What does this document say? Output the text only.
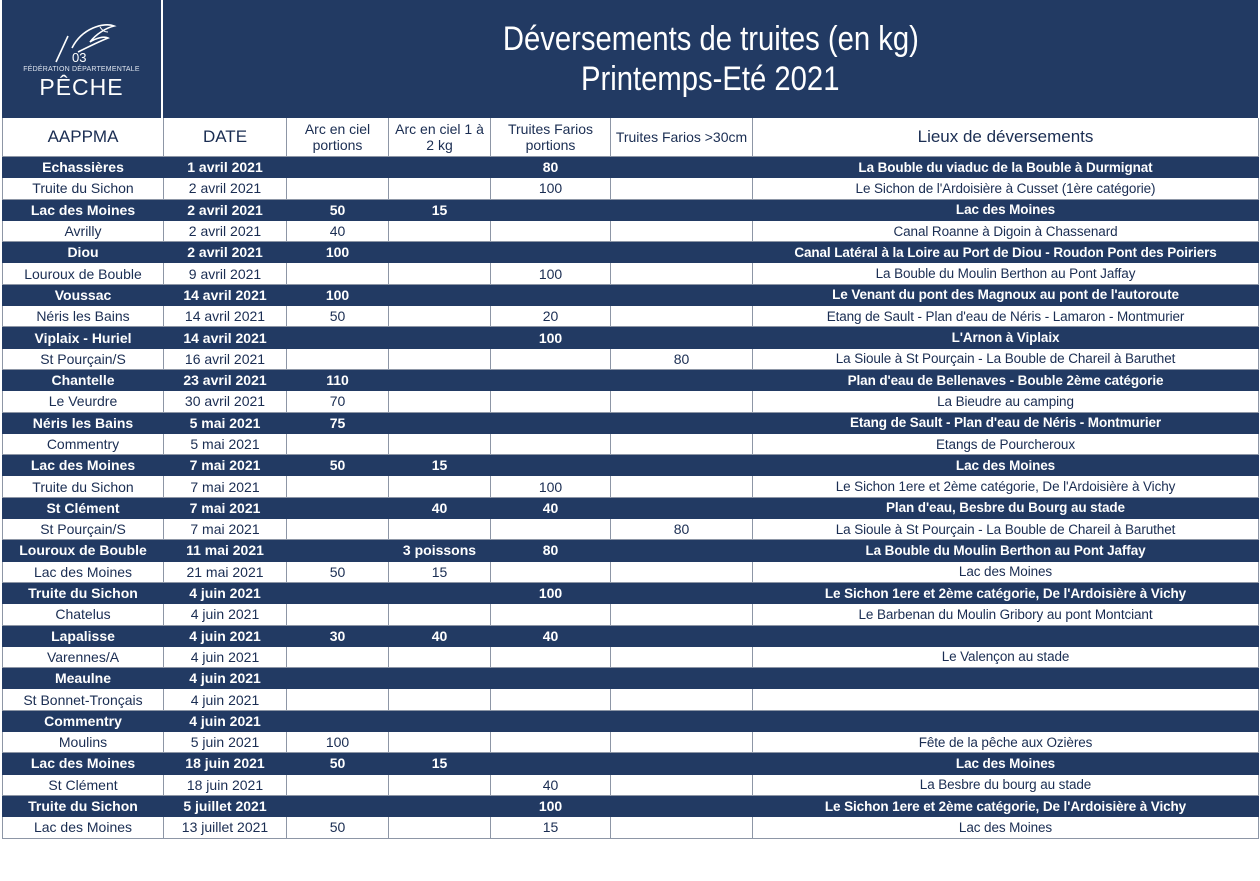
03
FÉDÉRATION DÉPARTEMENTALE
PÊCHE
Déversements de truites (en kg)
Printemps-Eté 2021
AAPPMA	DATE	Arc en ciel portions	Arc en ciel 1 à 2 kg	Truites Farios portions	Truites Farios >30cm	Lieux de déversements
Echassières	1 avril 2021			80		La Bouble du viaduc de la Bouble à Durmignat
Truite du Sichon	2 avril 2021			100		Le Sichon de l'Ardoisière à Cusset (1ère catégorie)
Lac des Moines	2 avril 2021	50	15			Lac des Moines
Avrilly	2 avril 2021	40				Canal Roanne à Digoin à Chassenard
Diou	2 avril 2021	100				Canal Latéral à la Loire au Port de Diou - Roudon Pont des Poiriers
Louroux de Bouble	9 avril 2021			100		La Bouble du Moulin Berthon au Pont Jaffay
Voussac	14 avril 2021	100				Le Venant du pont des Magnoux au pont de l'autoroute
Néris les Bains	14 avril 2021	50		20		Etang de Sault - Plan d'eau de Néris - Lamaron - Montmurier
Viplaix - Huriel	14 avril 2021			100		L'Arnon à Viplaix
St Pourçain/S	16 avril 2021				80	La Sioule à St Pourçain - La Bouble de Chareil à Baruthet
Chantelle	23 avril 2021	110				Plan d'eau de Bellenaves - Bouble 2ème catégorie
Le Veurdre	30 avril 2021	70				La Bieudre au camping
Néris les Bains	5 mai 2021	75				Etang de Sault - Plan d'eau de Néris - Montmurier
Commentry	5 mai 2021					Etangs de Pourcheroux
Lac des Moines	7 mai 2021	50	15			Lac des Moines
Truite du Sichon	7 mai 2021			100		Le Sichon 1ere et 2ème catégorie, De l'Ardoisière à Vichy
St Clément	7 mai 2021		40	40		Plan d'eau, Besbre du Bourg au stade
St Pourçain/S	7 mai 2021				80	La Sioule à St Pourçain - La Bouble de Chareil à Baruthet
Louroux de Bouble	11 mai 2021		3 poissons	80		La Bouble du Moulin Berthon au Pont Jaffay
Lac des Moines	21 mai 2021	50	15			Lac des Moines
Truite du Sichon	4 juin 2021			100		Le Sichon 1ere et 2ème catégorie, De l'Ardoisière à Vichy
Chatelus	4 juin 2021					Le Barbenan du Moulin Gribory au pont Montciant
Lapalisse	4 juin 2021	30	40	40		
Varennes/A	4 juin 2021					Le Valençon au stade
Meaulne	4 juin 2021					
St Bonnet-Tronçais	4 juin 2021					
Commentry	4 juin 2021					
Moulins	5 juin 2021	100				Fête de la pêche aux Ozières
Lac des Moines	18 juin 2021	50	15			Lac des Moines
St Clément	18 juin 2021			40		La Besbre du bourg au stade
Truite du Sichon	5 juillet 2021			100		Le Sichon 1ere et 2ème catégorie, De l'Ardoisière à Vichy
Lac des Moines	13 juillet 2021	50		15		Lac des Moines
